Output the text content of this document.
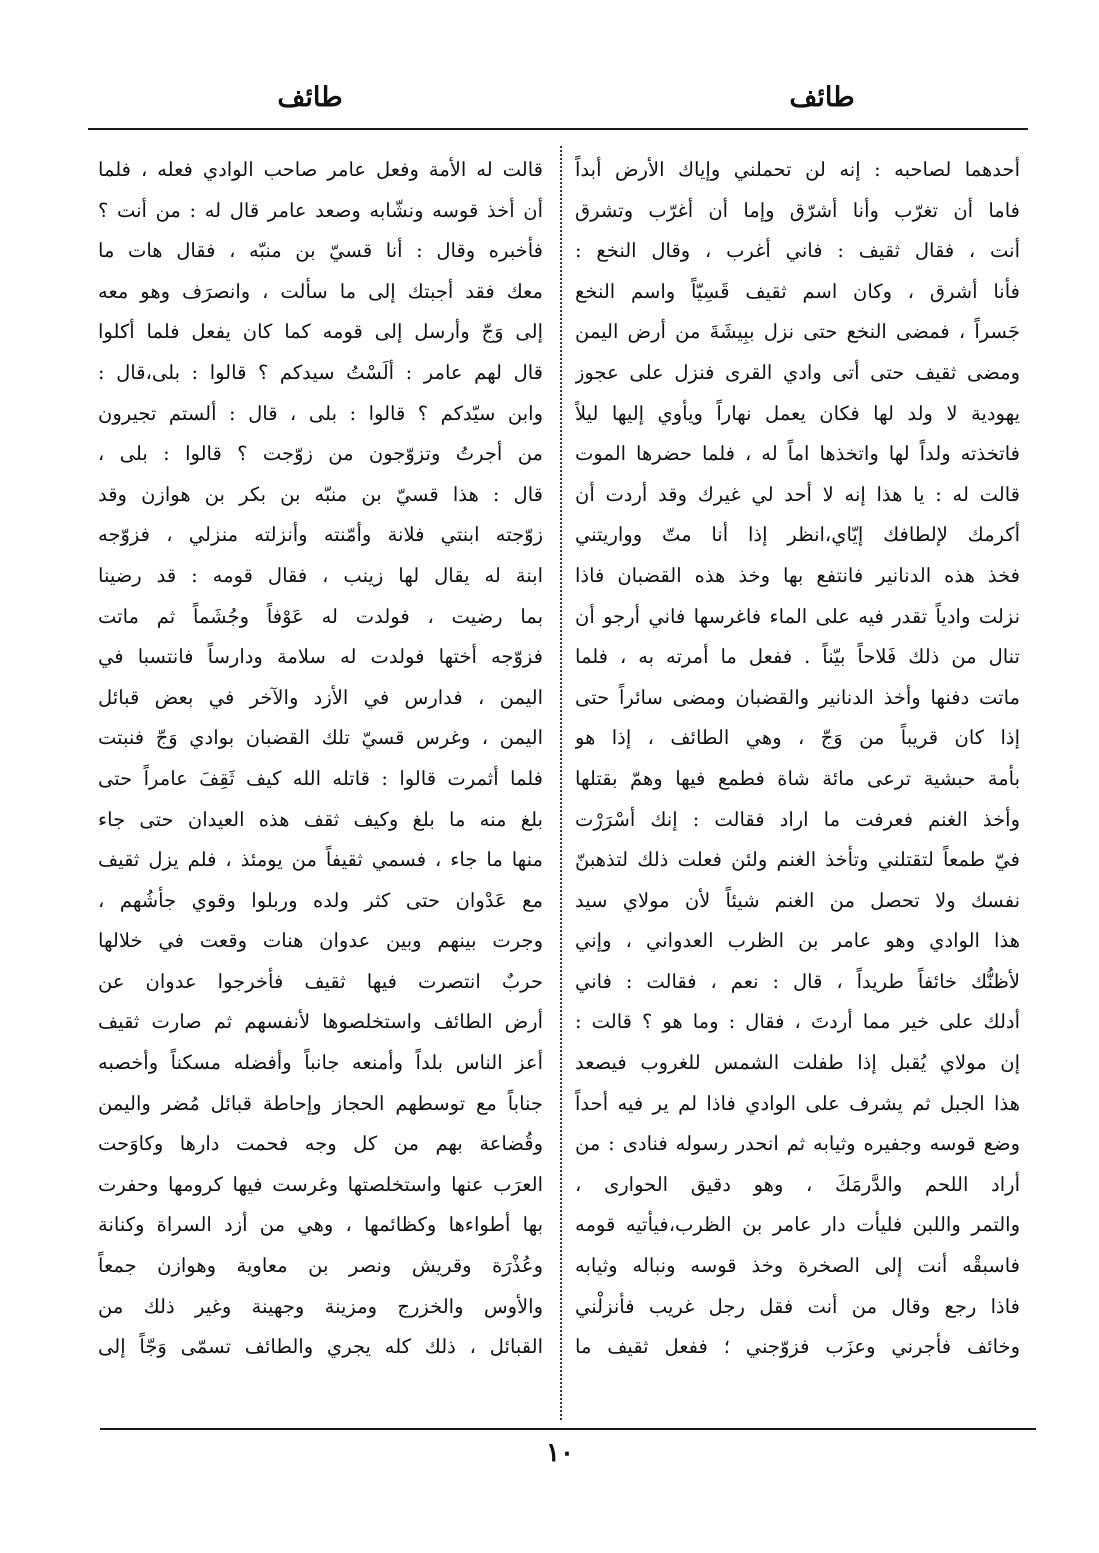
طائف
طائف
أحدهما لصاحبه : إنه لن تحملني وإياك الأرض أبداً
فاما أن تغرّب وأنا أشرّق وإما أن أغرّب وتشرق
أنت ، فقال ثقيف : فاني أغرب ، وقال النخع :
فأنا أشرق ، وكان اسم ثقيف قَسِيّاً واسم النخع
جَسراً ، فمضى النخع حتى نزل ببِيشَةَ من أرض اليمن
ومضى ثقيف حتى أتى وادي القرى فنزل على عجوز
يهودية لا ولد لها فكان يعمل نهاراً ويأوي إليها ليلاً
فاتخذته ولداً لها واتخذها اماً له ، فلما حضرها الموت
قالت له : يا هذا إنه لا أحد لي غيرك وقد أردت أن
أكرمك لإلطافك إيّاي،انظر إذا أنا متّ وواريتني
فخذ هذه الدنانير فانتفع بها وخذ هذه القضبان فاذا
نزلت وادياً تقدر فيه على الماء فاغرسها فاني أرجو أن
تنال من ذلك فَلاحاً بيّناً . ففعل ما أمرته به ، فلما
ماتت دفنها وأخذ الدنانير والقضبان ومضى سائراً حتى
إذا كان قريباً من وَجّ ، وهي الطائف ، إذا هو
بأمة حبشية ترعى مائة شاة فطمع فيها وهمّ بقتلها
وأخذ الغنم فعرفت ما اراد فقالت : إنك أسْرَرْت
فيّ طمعاً لتقتلني وتأخذ الغنم ولئن فعلت ذلك لتذهبنّ
نفسك ولا تحصل من الغنم شيئاً لأن مولاي سيد
هذا الوادي وهو عامر بن الظرب العدواني ، وإني
لأظنُّك خائفاً طريداً ، قال : نعم ، فقالت : فاني
أدلك على خير مما أردتَ ، فقال : وما هو ؟ قالت :
إن مولاي يُقبل إذا طفلت الشمس للغروب فيصعد
هذا الجبل ثم يشرف على الوادي فاذا لم ير فيه أحداً
وضع قوسه وجفيره وثيابه ثم انحدر رسوله فنادى : من
أراد اللحم والدَّرمَكَ ، وهو دقيق الحوارى ،
والتمر واللبن فليأت دار عامر بن الظرب،فيأتيه قومه
فاسبقْه أنت إلى الصخرة وخذ قوسه ونباله وثيابه
فاذا رجع وقال من أنت فقل رجل غريب فأنزلْني
وخائف فأجرني وعزَب فزوّجني ؛ ففعل ثقيف ما
قالت له الأمة وفعل عامر صاحب الوادي فعله ، فلما
أن أخذ قوسه ونشّابه وصعد عامر قال له : من أنت ؟
فأخبره وقال : أنا قسيّ بن منبّه ، فقال هات ما
معك فقد أجبتك إلى ما سألت ، وانصرَف وهو معه
إلى وَجّ وأرسل إلى قومه كما كان يفعل فلما أكلوا
قال لهم عامر : ألَسْتُ سيدكم ؟ قالوا : بلى،قال :
وابن سيّدكم ؟ قالوا : بلى ، قال : ألستم تجيرون
من أجرتُ وتزوّجون من زوّجت ؟ قالوا : بلى ،
قال : هذا قسيّ بن منبّه بن بكر بن هوازن وقد
زوّجته ابنتي فلانة وأمّنته وأنزلته منزلي ، فزوّجه
ابنة له يقال لها زينب ، فقال قومه : قد رضينا
بما رضيت ، فولدت له عَوْفاً وجُشَماً ثم ماتت
فزوّجه أختها فولدت له سلامة ودارساً فانتسبا في
اليمن ، فدارس في الأزد والآخر في بعض قبائل
اليمن ، وغرس قسيّ تلك القضبان بوادي وَجّ فنبتت
فلما أثمرت قالوا : قاتله الله كيف ثَقِفَ عامراً حتى
بلغ منه ما بلغ وكيف ثقف هذه العيدان حتى جاء
منها ما جاء ، فسمي ثقيفاً من يومئذ ، فلم يزل ثقيف
مع عَدْوان حتى كثر ولده وربلوا وقوي جأشُهم ،
وجرت بينهم وبين عدوان هنات وقعت في خلالها
حربٌ انتصرت فيها ثقيف فأخرجوا عدوان عن
أرض الطائف واستخلصوها لأنفسهم ثم صارت ثقيف
أعز الناس بلداً وأمنعه جانباً وأفضله مسكناً وأخصبه
جناباً مع توسطهم الحجاز وإحاطة قبائل مُضر واليمن
وقُضاعة بهم من كل وجه فحمت دارها وكاوَحت
العرَب عنها واستخلصتها وغرست فيها كرومها وحفرت
بها أطواءها وكظائمها ، وهي من أزد السراة وكنانة
وعُذْرَة وقريش ونصر بن معاوية وهوازن جمعاً
والأوس والخزرج ومزينة وجهينة وغير ذلك من
القبائل ، ذلك كله يجري والطائف تسمّى وَجّاً إلى
١٠
